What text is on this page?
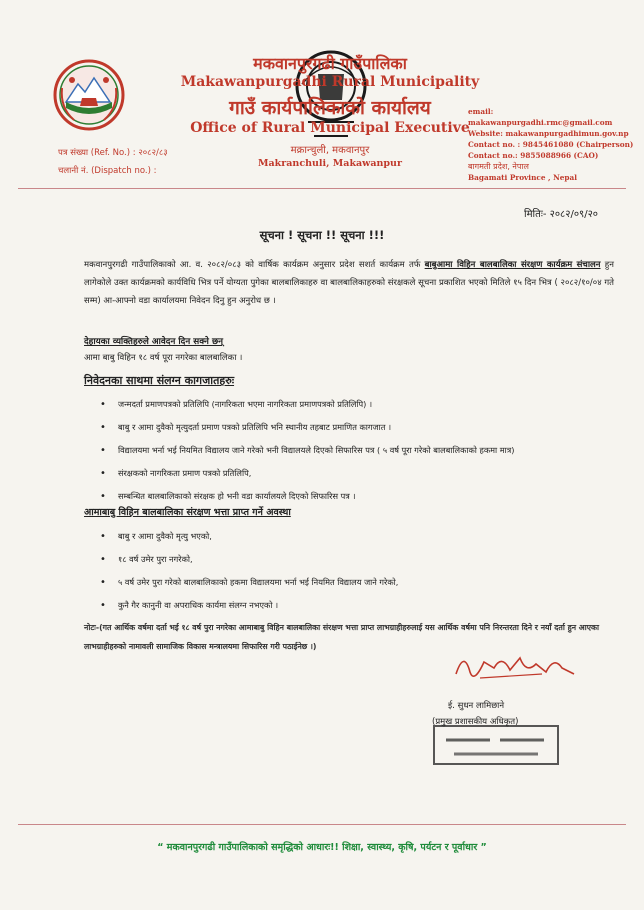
मकवानपुरगढी गाउँपालिका
Makawanpurgadhi Rural Municipality
गाउँ कार्यपालिकाको कार्यालय
Office of Rural Municipal Executive
मक्रान्चुली, मकवानपुर
Makranchuli, Makawanpur
email: makawanpurgadhi.rmc@gmail.com
Website: makawanpurgadhimun.gov.np
Contact no. : 9845461080 (Chairperson)
Contact no.: 9855088966 (CAO)
बागमती प्रदेश, नेपाल
Bagamati Province , Nepal
पत्र संख्या (Ref. No.) : २०८२/८३
चलानी नं. (Dispatch no.) :
मितिः- २०८२/०९/२०
सूचना ! सूचना !! सूचना !!!
मकवानपुरगढी गाउँपालिकाको आ. व. २०८२/०८३ को वार्षिक कार्यक्रम अनुसार प्रदेश सशर्त कार्यक्रम तर्फ बाबुआमा विहिन बालबालिका संरक्षण कार्यक्रम संचालन हुन लागेकोले उक्त कार्यक्रमको कार्यविधि भित्र पर्ने योग्यता पुगेका बालबालिकाहरु वा बालबालिकाहरुको संरक्षकले सूचना प्रकाशित भएको मितिले १५ दिन भित्र ( २०८२/१०/०४ गते सम्म) आ-आफ्नो वडा कार्यालयमा निवेदन दिनु हुन अनुरोध छ ।
देहायका व्यक्तिहरुले आवेदन दिन सक्ने छन्
आमा बाबु विहिन १८ वर्ष पूरा नगरेका बालबालिका ।
निवेदनका साथमा संलग्न कागजातहरुः
• जन्मदर्ता प्रमाणपत्रको प्रतिलिपि (नागरिकता भएमा नागरिकता प्रमाणपत्रको प्रतिलिपि) ।
• बाबु र आमा दुवैको मृत्युदर्ता प्रमाण पत्रको प्रतिलिपि भनि स्थानीय तहबाट प्रमाणित कागजात ।
• विद्यालयमा भर्ना भई नियमित विद्यालय जाने गरेको भनी विद्यालयले दिएको सिफारिस पत्र ( ५ वर्ष पूरा गरेको बालबालिकाको हकमा मात्र)
• संरक्षकको नागरिकता प्रमाण पत्रको प्रतिलिपि,
• सम्बन्धित बालबालिकाको संरक्षक हो भनी वडा कार्यालयले दिएको सिफारिस पत्र ।
आमाबाबु विहिन बालबालिका संरक्षण भत्ता प्राप्त गर्ने अवस्था
• बाबु र आमा दुवैको मृत्यु भएको,
• १८ वर्ष उमेर पुरा नगरेको,
• ५ वर्ष उमेर पुरा गरेको बालबालिकाको हकमा विद्यालयमा भर्ना भई नियमित विद्यालय जाने गरेको,
• कुनै गैर कानुनी वा अपराधिक कार्यमा संलग्न नभएको ।
नोटः-(गत आर्थिक वर्षमा दर्ता भई १८ वर्ष पुरा नगरेका आमाबाबु विहिन बालबालिका संरक्षण भत्ता प्राप्त लाभग्राहीहरुलाई यस आर्थिक वर्षमा पनि निरन्तरता दिने र नयाँ दर्ता हुन आएका लाभग्राहीहरुको नामावली सामाजिक विकास मन्त्रालयमा सिफारिस गरी पठाईनेछ ।)
ई. सुधन लामिछाने
(प्रमुख प्रशासकीय अधिकृत)
“ मकवानपुरगढी गाउँपालिकाको समृद्धिको आधारः!! शिक्षा, स्वास्थ्य, कृषि, पर्यटन र पूर्वाधार ”
